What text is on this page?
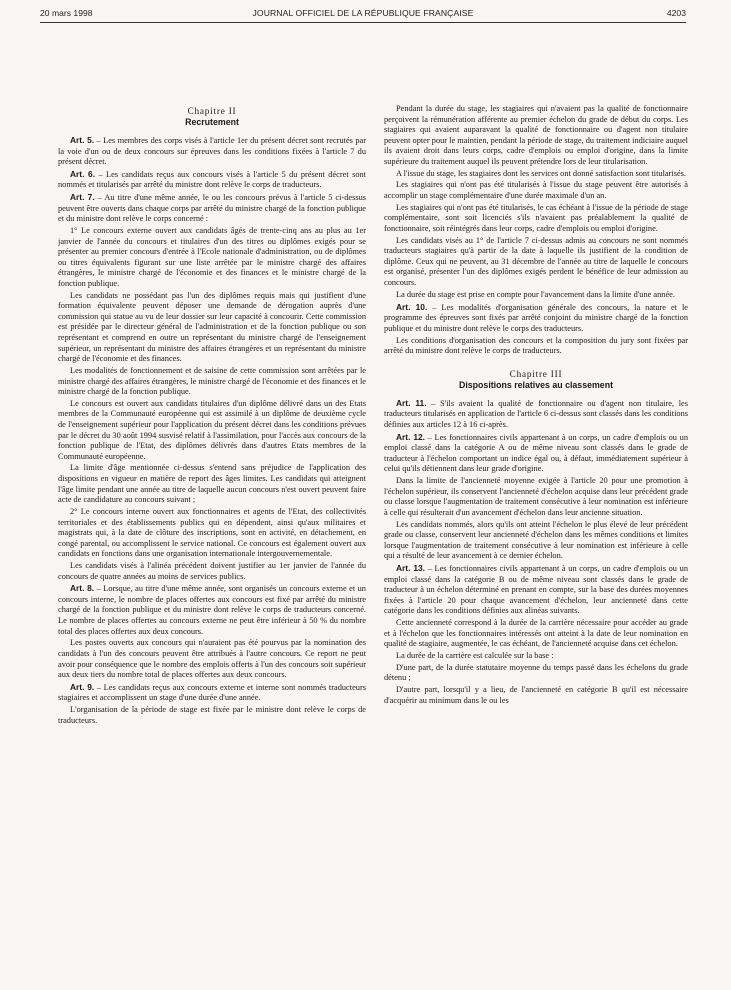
20 mars 1998	JOURNAL OFFICIEL DE LA RÉPUBLIQUE FRANÇAISE	4203
Chapitre II
Recrutement

Art. 5. – Les membres des corps visés à l'article 1er du présent décret sont recrutés par la voie d'un ou de deux concours sur épreuves dans les conditions fixées à l'article 7 du présent décret.

Art. 6. – Les candidats reçus aux concours visés à l'article 5 du présent décret sont nommés et titularisés par arrêté du ministre dont relève le corps de traducteurs.

Art. 7. – Au titre d'une même année, le ou les concours prévus à l'article 5 ci-dessus peuvent être ouverts dans chaque corps par arrêté du ministre chargé de la fonction publique et du ministre dont relève le corps concerné :

1° Le concours externe ouvert aux candidats âgés de trente-cinq ans au plus au 1er janvier de l'année du concours et titulaires d'un des titres ou diplômes exigés pour se présenter au premier concours d'entrée à l'Ecole nationale d'administration, ou de diplômes ou titres équivalents figurant sur une liste arrêtée par le ministre chargé des affaires étrangères, le ministre chargé de l'économie et des finances et le ministre chargé de la fonction publique.

Les candidats ne possédant pas l'un des diplômes requis mais qui justifient d'une formation équivalente peuvent déposer une demande de dérogation auprès d'une commission qui statue au vu de leur dossier sur leur capacité à concourir. Cette commission est présidée par le directeur général de l'administration et de la fonction publique ou son représentant et comprend en outre un représentant du ministre chargé de l'enseignement supérieur, un représentant du ministre des affaires étrangères et un représentant du ministre chargé de l'économie et des finances.

Les modalités de fonctionnement et de saisine de cette commission sont arrêtées par le ministre chargé des affaires étrangères, le ministre chargé de l'économie et des finances et le ministre chargé de la fonction publique.

Le concours est ouvert aux candidats titulaires d'un diplôme délivré dans un des Etats membres de la Communauté européenne qui est assimilé à un diplôme de deuxième cycle de l'enseignement supérieur pour l'application du présent décret dans les conditions prévues par le décret du 30 août 1994 susvisé relatif à l'assimilation, pour l'accès aux concours de la fonction publique de l'Etat, des diplômes délivrés dans d'autres Etats membres de la Communauté européenne.

La limite d'âge mentionnée ci-dessus s'entend sans préjudice de l'application des dispositions en vigueur en matière de report des âges limites. Les candidats qui atteignent l'âge limite pendant une année au titre de laquelle aucun concours n'est ouvert peuvent faire acte de candidature au concours suivant ;

2° Le concours interne ouvert aux fonctionnaires et agents de l'Etat, des collectivités territoriales et des établissements publics qui en dépendent, ainsi qu'aux militaires et magistrats qui, à la date de clôture des inscriptions, sont en activité, en détachement, en congé parental, ou accomplissent le service national. Ce concours est également ouvert aux candidats en fonctions dans une organisation internationale intergouvernementale.

Les candidats visés à l'alinéa précédent doivent justifier au 1er janvier de l'année du concours de quatre années au moins de services publics.

Art. 8. – Lorsque, au titre d'une même année, sont organisés un concours externe et un concours interne, le nombre de places offertes aux concours est fixé par arrêté du ministre chargé de la fonction publique et du ministre dont relève le corps de traducteurs concerné. Le nombre de places offertes au concours externe ne peut être inférieur à 50 % du nombre total des places offertes aux deux concours.

Les postes ouverts aux concours qui n'auraient pas été pourvus par la nomination des candidats à l'un des concours peuvent être attribués à l'autre concours. Ce report ne peut avoir pour conséquence que le nombre des emplois offerts à l'un des concours soit supérieur aux deux tiers du nombre total de places offertes aux deux concours.

Art. 9. – Les candidats reçus aux concours externe et interne sont nommés traducteurs stagiaires et accomplissent un stage d'une durée d'une année.

L'organisation de la période de stage est fixée par le ministre dont relève le corps de traducteurs.

Pendant la durée du stage, les stagiaires qui n'avaient pas la qualité de fonctionnaire perçoivent la rémunération afférente au premier échelon du grade de début du corps. Les stagiaires qui avaient auparavant la qualité de fonctionnaire ou d'agent non titulaire peuvent opter pour le maintien, pendant la période de stage, du traitement indiciaire auquel ils avaient droit dans leurs corps, cadre d'emplois ou emploi d'origine, dans la limite supérieure du traitement auquel ils peuvent prétendre lors de leur titularisation.

A l'issue du stage, les stagiaires dont les services ont donné satisfaction sont titularisés.

Les stagiaires qui n'ont pas été titularisés à l'issue du stage peuvent être autorisés à accomplir un stage complémentaire d'une durée maximale d'un an.

Les stagiaires qui n'ont pas été titularisés, le cas échéant à l'issue de la période de stage complémentaire, sont soit licenciés s'ils n'avaient pas préalablement la qualité de fonctionnaire, soit réintégrés dans leur corps, cadre d'emplois ou emploi d'origine.

Les candidats visés au 1° de l'article 7 ci-dessus admis au concours ne sont nommés traducteurs stagiaires qu'à partir de la date à laquelle ils justifient de la condition de diplôme. Ceux qui ne peuvent, au 31 décembre de l'année au titre de laquelle le concours est organisé, présenter l'un des diplômes exigés perdent le bénéfice de leur admission au concours.

La durée du stage est prise en compte pour l'avancement dans la limite d'une année.

Art. 10. – Les modalités d'organisation générale des concours, la nature et le programme des épreuves sont fixés par arrêté conjoint du ministre chargé de la fonction publique et du ministre dont relève le corps des traducteurs.

Les conditions d'organisation des concours et la composition du jury sont fixées par arrêté du ministre dont relève le corps de traducteurs.

Chapitre III
Dispositions relatives au classement

Art. 11. – S'ils avaient la qualité de fonctionnaire ou d'agent non titulaire, les traducteurs titularisés en application de l'article 6 ci-dessus sont classés dans les conditions définies aux articles 12 à 16 ci-après.

Art. 12. – Les fonctionnaires civils appartenant à un corps, un cadre d'emplois ou un emploi classé dans la catégorie A ou de même niveau sont classés dans le grade de traducteur à l'échelon comportant un indice égal ou, à défaut, immédiatement supérieur à celui qu'ils détiennent dans leur grade d'origine.

Dans la limite de l'ancienneté moyenne exigée à l'article 20 pour une promotion à l'échelon supérieur, ils conservent l'ancienneté d'échelon acquise dans leur précédent grade ou classe lorsque l'augmentation de traitement consécutive à leur nomination est inférieure à celle qui résulterait d'un avancement d'échelon dans leur ancienne situation.

Les candidats nommés, alors qu'ils ont atteint l'échelon le plus élevé de leur précédent grade ou classe, conservent leur ancienneté d'échelon dans les mêmes conditions et limites lorsque l'augmentation de traitement consécutive à leur nomination est inférieure à celle qui a résulté de leur avancement à ce dernier échelon.

Art. 13. – Les fonctionnaires civils appartenant à un corps, un cadre d'emplois ou un emploi classé dans la catégorie B ou de même niveau sont classés dans le grade de traducteur à un échelon déterminé en prenant en compte, sur la base des durées moyennes fixées à l'article 20 pour chaque avancement d'échelon, leur ancienneté dans cette catégorie dans les conditions définies aux alinéas suivants.

Cette ancienneté correspond à la durée de la carrière nécessaire pour accéder au grade et à l'échelon que les fonctionnaires intéressés ont atteint à la date de leur nomination en qualité de stagiaire, augmentée, le cas échéant, de l'ancienneté acquise dans cet échelon.

La durée de la carrière est calculée sur la base :

D'une part, de la durée statutaire moyenne du temps passé dans les échelons du grade détenu ;

D'autre part, lorsqu'il y a lieu, de l'ancienneté en catégorie B qu'il est nécessaire d'acquérir au minimum dans le ou les
